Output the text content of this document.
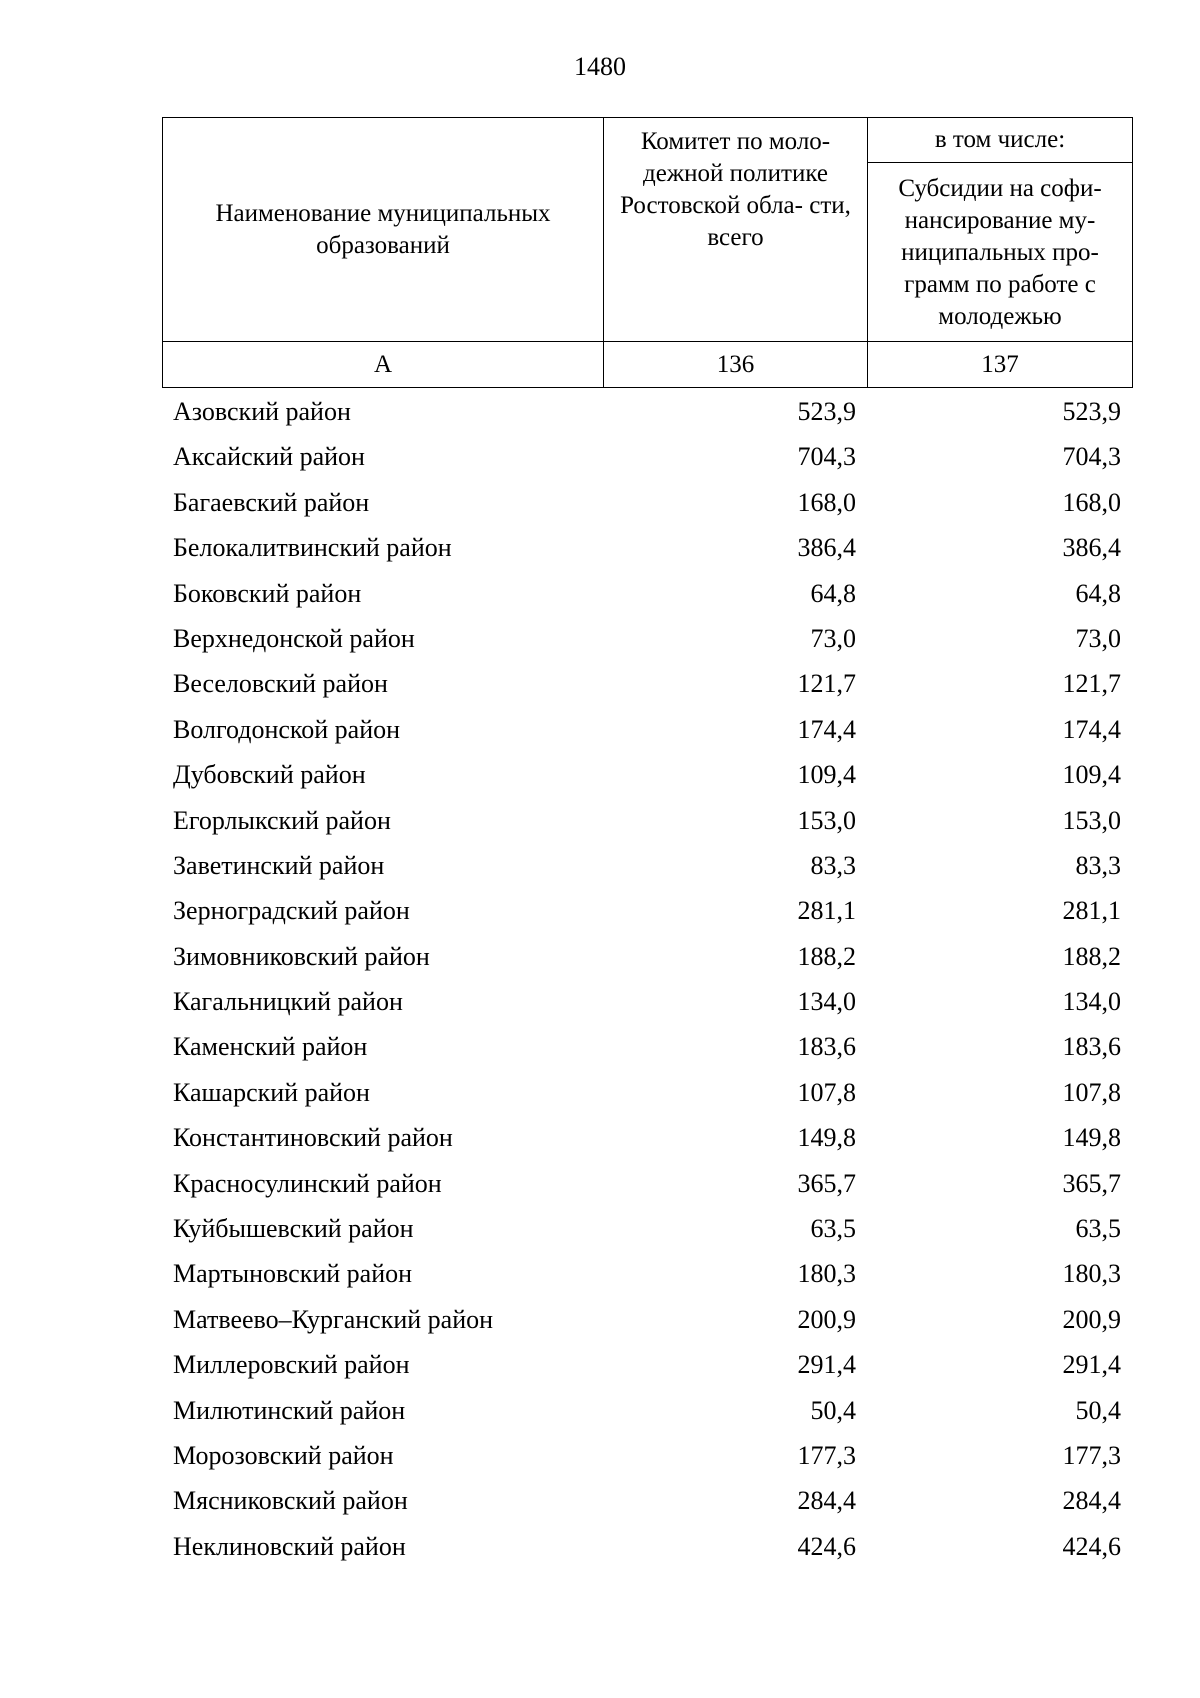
1480
Наименование муниципальных образований	Комитет по моло- дежной политике Ростовской обла- сти, всего	в том числе:
		Субсидии на софи- нансирование му- ниципальных про- грамм по работе с молодежью
А	136	137
Азовский район	523,9	523,9
Аксайский район	704,3	704,3
Багаевский район	168,0	168,0
Белокалитвинский район	386,4	386,4
Боковский район	64,8	64,8
Верхнедонской район	73,0	73,0
Веселовский район	121,7	121,7
Волгодонской район	174,4	174,4
Дубовский район	109,4	109,4
Егорлыкский район	153,0	153,0
Заветинский район	83,3	83,3
Зерноградский район	281,1	281,1
Зимовниковский район	188,2	188,2
Кагальницкий район	134,0	134,0
Каменский район	183,6	183,6
Кашарский район	107,8	107,8
Константиновский район	149,8	149,8
Красносулинский район	365,7	365,7
Куйбышевский район	63,5	63,5
Мартыновский район	180,3	180,3
Матвеево–Курганский район	200,9	200,9
Миллеровский район	291,4	291,4
Милютинский район	50,4	50,4
Морозовский район	177,3	177,3
Мясниковский район	284,4	284,4
Неклиновский район	424,6	424,6
